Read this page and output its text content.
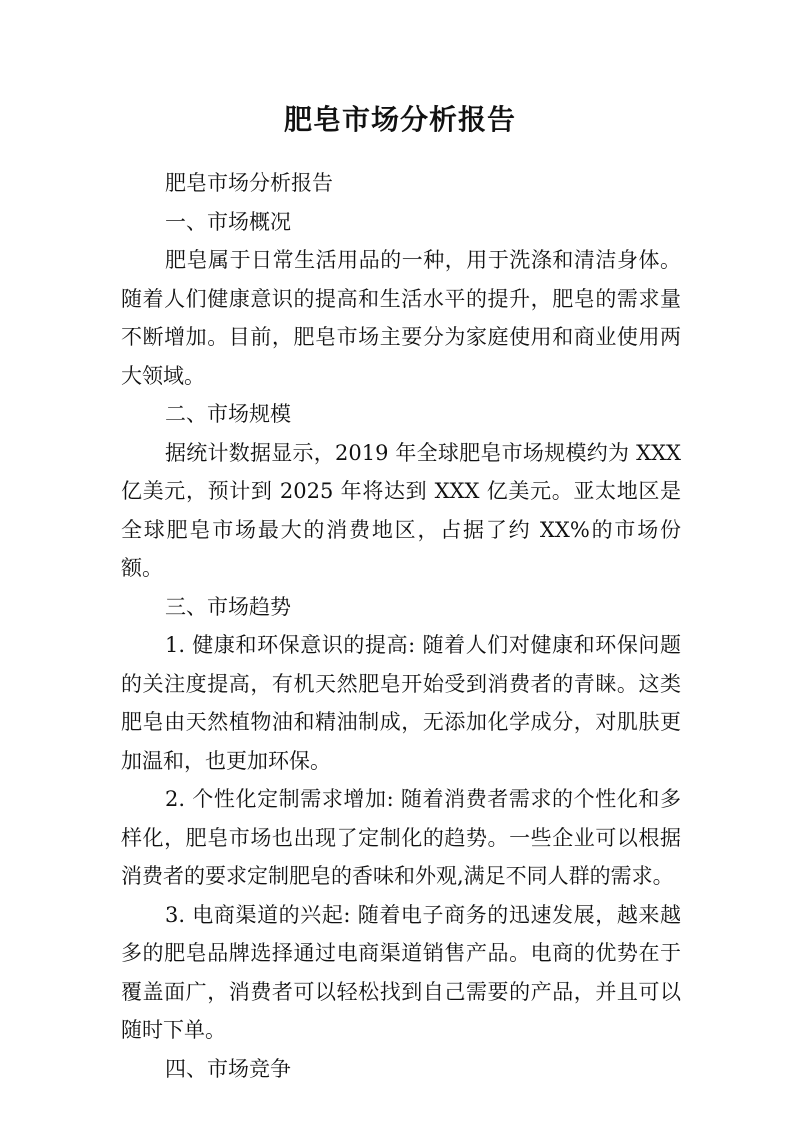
肥皂市场分析报告

肥皂市场分析报告

一、市场概况

肥皂属于日常生活用品的一种，用于洗涤和清洁身体。随着人们健康意识的提高和生活水平的提升，肥皂的需求量不断增加。目前，肥皂市场主要分为家庭使用和商业使用两大领域。

二、市场规模

据统计数据显示，2019 年全球肥皂市场规模约为 XXX 亿美元，预计到 2025 年将达到 XXX 亿美元。亚太地区是全球肥皂市场最大的消费地区，占据了约 XX%的市场份额。

三、市场趋势

1. 健康和环保意识的提高: 随着人们对健康和环保问题的关注度提高，有机天然肥皂开始受到消费者的青睐。这类肥皂由天然植物油和精油制成，无添加化学成分，对肌肤更加温和，也更加环保。

2. 个性化定制需求增加: 随着消费者需求的个性化和多样化，肥皂市场也出现了定制化的趋势。一些企业可以根据消费者的要求定制肥皂的香味和外观,满足不同人群的需求。

3. 电商渠道的兴起: 随着电子商务的迅速发展，越来越多的肥皂品牌选择通过电商渠道销售产品。电商的优势在于覆盖面广，消费者可以轻松找到自己需要的产品，并且可以随时下单。

四、市场竞争
